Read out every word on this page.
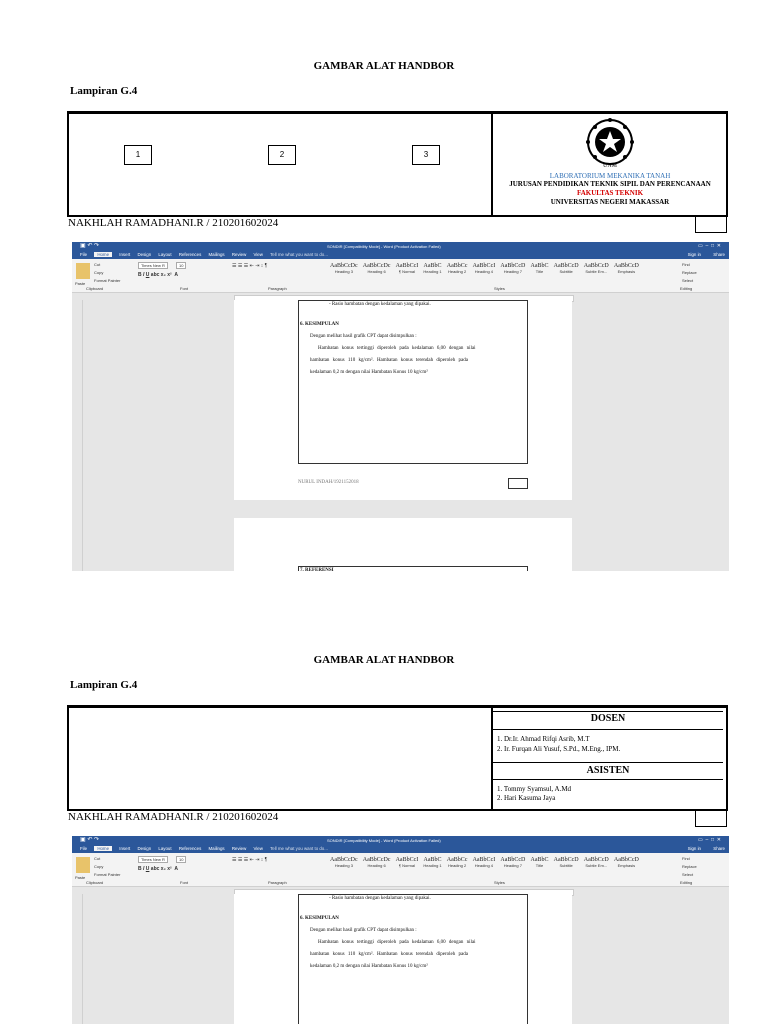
GAMBAR ALAT HANDBOR
Lampiran G.4
1	2	3
UNM
LABORATORIUM MEKANIKA TANAH
JURUSAN PENDIDIKAN TEKNIK SIPIL DAN PERENCANAAN
FAKULTAS TEKNIK
UNIVERSITAS NEGERI MAKASSAR
NAKHLAH RAMADHANI.R / 210201602024
▣ ↶ ↷	SONDIR [Compatibility Mode] - Word (Product Activation Failed)	▭  –  □  ✕
File Home Insert Design Layout References Mailings Review View Tell me what you want to do...	Sign in	Share
Paste
Cut
Copy
Format Painter
Times New R	10
B I U abc x₂ x²  A
☰ ☰ ☰ ⇤ ⇥ ↕ ¶	AaBbCcDc
Heading 3
AaBbCcDc
Heading 6
AaBbCcI
¶ Normal
AaBbC
Heading 1
AaBbCc
Heading 2
AaBbCcI
Heading 4
AaBbCcD
Heading 7
AaBbC
Title
AaBbCcD
Subtitle
AaBbCcD
Subtle Em...
AaBbCcD
Emphasis
Find
Replace
Select
Clipboard	Font	Paragraph	Styles	Editing
- Rasio hambatan dengan kedalaman yang dipakai.
6. KESIMPULAN
Dengan melihat hasil grafik CPT dapat disimpulkan :
Hambatan konus tertinggi diperoleh pada kedalaman 6,00 dengan nilai
hambatan konus 110 kg/cm². Hambatan konus terendah diperoleh pada
kedalaman 0,2 m dengan nilai Hambatan Konus 10 kg/cm²
NURUL INDAH/1921152018
7. REFERENSI
GAMBAR ALAT HANDBOR
Lampiran G.4
DOSEN
1. Dr.Ir. Ahmad Rifqi Asrib, M.T
2. Ir. Furqan Ali Yusuf, S.Pd., M.Eng., IPM.
ASISTEN
1. Tommy Syamsul, A.Md
2. Hari Kasuma Jaya
NAKHLAH RAMADHANI.R / 210201602024
▣ ↶ ↷	SONDIR [Compatibility Mode] - Word (Product Activation Failed)	▭  –  □  ✕
File Home Insert Design Layout References Mailings Review View Tell me what you want to do...	Sign in	Share
Paste
Cut
Copy
Format Painter
Times New R	10
B I U abc x₂ x²  A
☰ ☰ ☰ ⇤ ⇥ ↕ ¶	AaBbCcDc
Heading 3
AaBbCcDc
Heading 6
AaBbCcI
¶ Normal
AaBbC
Heading 1
AaBbCc
Heading 2
AaBbCcI
Heading 4
AaBbCcD
Heading 7
AaBbC
Title
AaBbCcD
Subtitle
AaBbCcD
Subtle Em...
AaBbCcD
Emphasis
Find
Replace
Select
Clipboard	Font	Paragraph	Styles	Editing
- Rasio hambatan dengan kedalaman yang dipakai.
6. KESIMPULAN
Dengan melihat hasil grafik CPT dapat disimpulkan :
Hambatan konus tertinggi diperoleh pada kedalaman 6,00 dengan nilai
hambatan konus 110 kg/cm². Hambatan konus terendah diperoleh pada
kedalaman 0,2 m dengan nilai Hambatan Konus 10 kg/cm²
